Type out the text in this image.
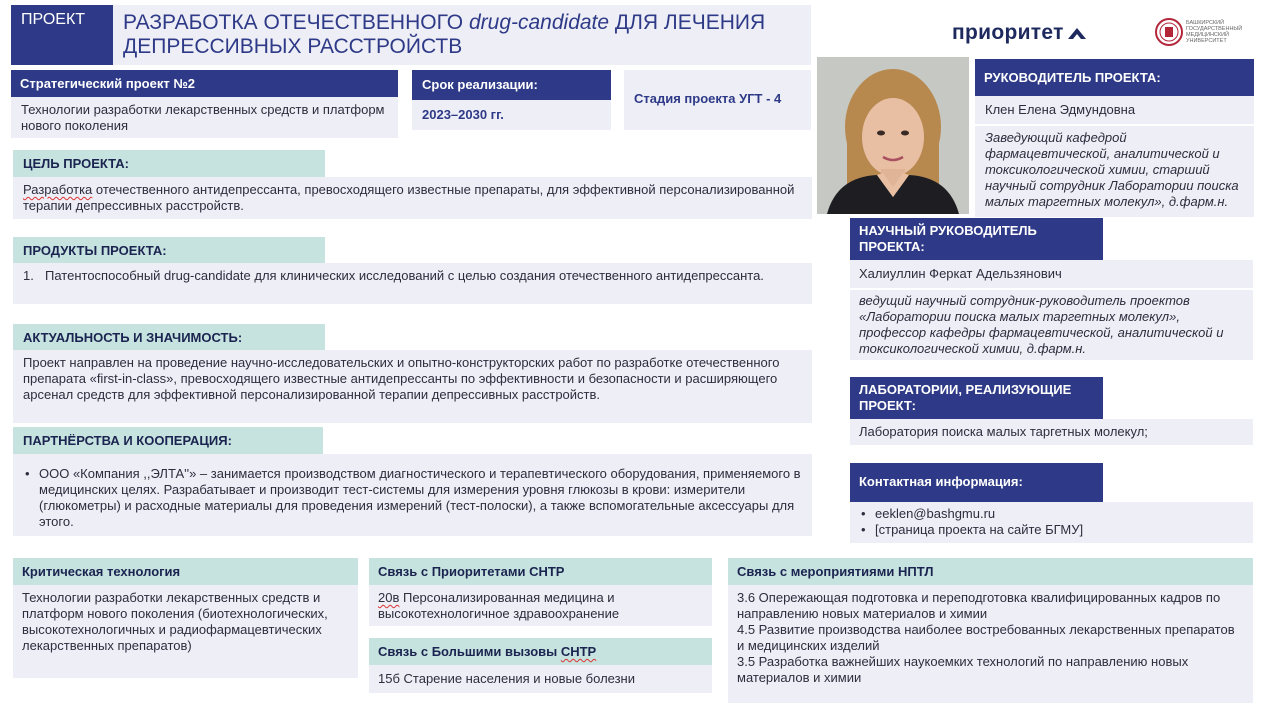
ПРОЕКТ	РАЗРАБОТКА ОТЕЧЕСТВЕННОГО drug-candidate ДЛЯ ЛЕЧЕНИЯ ДЕПРЕССИВНЫХ РАССТРОЙСТВ
приоритет	БАШКИРСКИЙ
ГОСУДАРСТВЕННЫЙ
МЕДИЦИНСКИЙ
УНИВЕРСИТЕТ
Стратегический проект №2
Технологии разработки лекарственных средств и платформ нового поколения
Срок реализации:
2023–2030 гг.
Стадия проекта УГТ - 4
РУКОВОДИТЕЛЬ ПРОЕКТА:
Клен Елена Эдмундовна
Заведующий кафедрой фармацевтической, аналитической и токсикологической химии, старший научный сотрудник Лаборатории поиска малых таргетных молекул», д.фарм.н.
ЦЕЛЬ ПРОЕКТА:
Разработка отечественного антидепрессанта, превосходящего известные препараты, для эффективной персонализированной терапии депрессивных расстройств.
НАУЧНЫЙ РУКОВОДИТЕЛЬ ПРОЕКТА:
Халиуллин Феркат Адельзянович
ведущий научный сотрудник-руководитель проектов «Лаборатории поиска малых таргетных молекул», профессор кафедры фармацевтической, аналитической и токсикологической химии, д.фарм.н.
ПРОДУКТЫ ПРОЕКТА:
1. Патентоспособный drug-candidate для клинических исследований с целью создания отечественного антидепрессанта.
АКТУАЛЬНОСТЬ И ЗНАЧИМОСТЬ:
Проект направлен на проведение научно-исследовательских и опытно-конструкторских работ по разработке отечественного препарата «first-in-class», превосходящего известные антидепрессанты по эффективности и безопасности и расширяющего арсенал средств для эффективной персонализированной терапии депрессивных расстройств.	ЛАБОРАТОРИИ, РЕАЛИЗУЮЩИЕ ПРОЕКТ:
Лаборатория поиска малых таргетных молекул;
ПАРТНЁРСТВА И КООПЕРАЦИЯ:
• ООО «Компания ,,ЭЛТА''» – занимается производством диагностического и терапевтического оборудования, применяемого в медицинских целях. Разрабатывает и производит тест-системы для измерения уровня глюкозы в крови: измерители (глюкометры) и расходные материалы для проведения измерений (тест-полоски), а также вспомогательные аксессуары для этого.
Контактная информация:
• eeklen@bashgmu.ru
• [страница проекта на сайте БГМУ]
Критическая технология
Технологии разработки лекарственных средств и платформ нового поколения (биотехнологических, высокотехнологичных и радиофармацевтических лекарственных препаратов)
Связь с Приоритетами СНТР
20в Персонализированная медицина и высокотехнологичное здравоохранение
Связь с Большими вызовы СНТР
15б Старение населения и новые болезни
Связь с мероприятиями НПТЛ
3.6 Опережающая подготовка и переподготовка квалифицированных кадров по направлению новых материалов и химии
4.5 Развитие производства наиболее востребованных лекарственных препаратов и медицинских изделий
3.5 Разработка важнейших наукоемких технологий по направлению новых материалов и химии
